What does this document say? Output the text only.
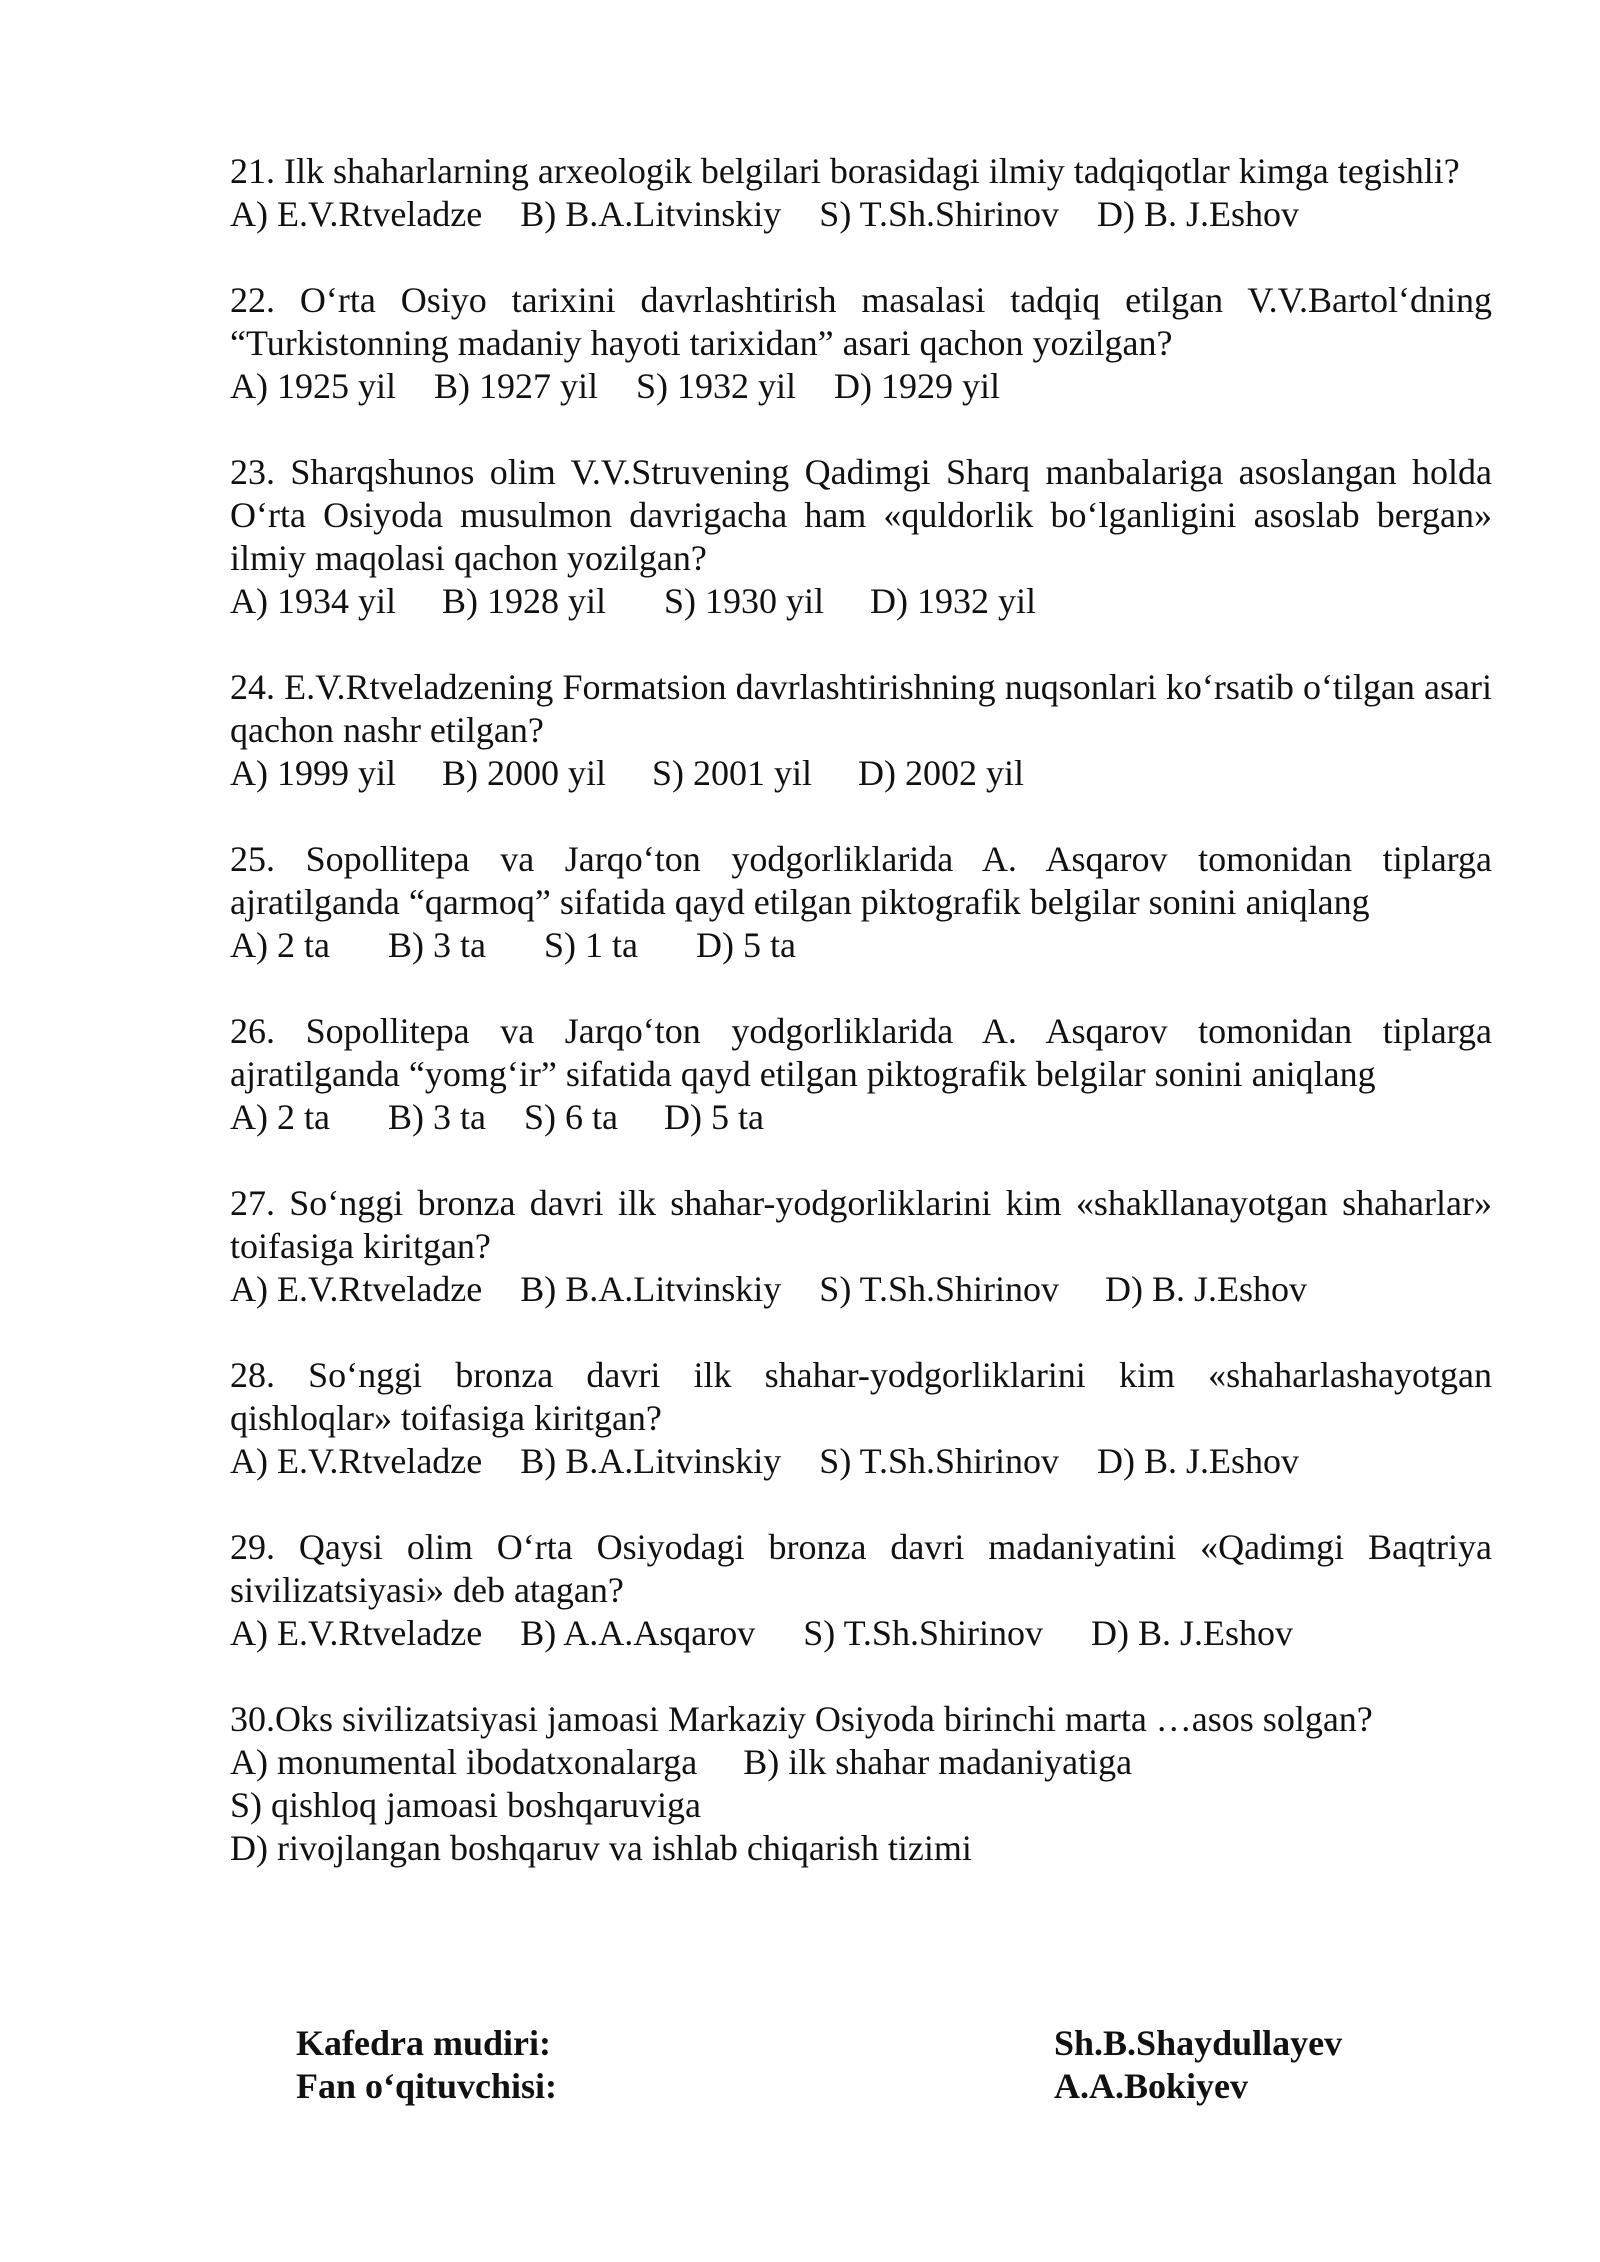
21. Ilk shaharlarning arxeologik belgilari borasidagi ilmiy tadqiqotlar kimga tegishli?

A) E.V.Rtveladze B) B.A.Litvinskiy S) T.Sh.Shirinov D) B. J.Eshov

22. O‘rta Osiyo tarixini davrlashtirish masalasi tadqiq etilgan V.V.Bartol‘dning “Turkistonning madaniy hayoti tarixidan” asari qachon yozilgan?

A) 1925 yil B) 1927 yil S) 1932 yil D) 1929 yil

23. Sharqshunos olim V.V.Struvening Qadimgi Sharq manbalariga asoslangan holda O‘rta Osiyoda musulmon davrigacha ham «quldorlik bo‘lganligini asoslab bergan» ilmiy maqolasi qachon yozilgan?

A) 1934 yil B) 1928 yil S) 1930 yil D) 1932 yil

24. E.V.Rtveladzening Formatsion davrlashtirishning nuqsonlari ko‘rsatib o‘tilgan asari qachon nashr etilgan?

A) 1999 yil B) 2000 yil S) 2001 yil D) 2002 yil

25. Sopollitepa va Jarqo‘ton yodgorliklarida A. Asqarov tomonidan tiplarga ajratilganda “qarmoq” sifatida qayd etilgan piktografik belgilar sonini aniqlang

A) 2 ta B) 3 ta S) 1 ta D) 5 ta

26. Sopollitepa va Jarqo‘ton yodgorliklarida A. Asqarov tomonidan tiplarga ajratilganda “yomg‘ir” sifatida qayd etilgan piktografik belgilar sonini aniqlang

A) 2 ta B) 3 ta S) 6 ta D) 5 ta

27. So‘nggi bronza davri ilk shahar-yodgorliklarini kim «shakllanayotgan shaharlar» toifasiga kiritgan?

A) E.V.Rtveladze B) B.A.Litvinskiy S) T.Sh.Shirinov D) B. J.Eshov

28. So‘nggi bronza davri ilk shahar-yodgorliklarini kim «shaharlashayotgan qishloqlar» toifasiga kiritgan?

A) E.V.Rtveladze B) B.A.Litvinskiy S) T.Sh.Shirinov D) B. J.Eshov

29. Qaysi olim O‘rta Osiyodagi bronza davri madaniyatini «Qadimgi Baqtriya sivilizatsiyasi» deb atagan?

A) E.V.Rtveladze B) A.A.Asqarov S) T.Sh.Shirinov D) B. J.Eshov

30.Oks sivilizatsiyasi jamoasi Markaziy Osiyoda birinchi marta …asos solgan?

A) monumental ibodatxonalarga B) ilk shahar madaniyatiga
S) qishloq jamoasi boshqaruviga
D) rivojlangan boshqaruv va ishlab chiqarish tizimi

Kafedra mudiri:	Sh.B.Shaydullayev
Fan o‘qituvchisi:	A.A.Bokiyev
